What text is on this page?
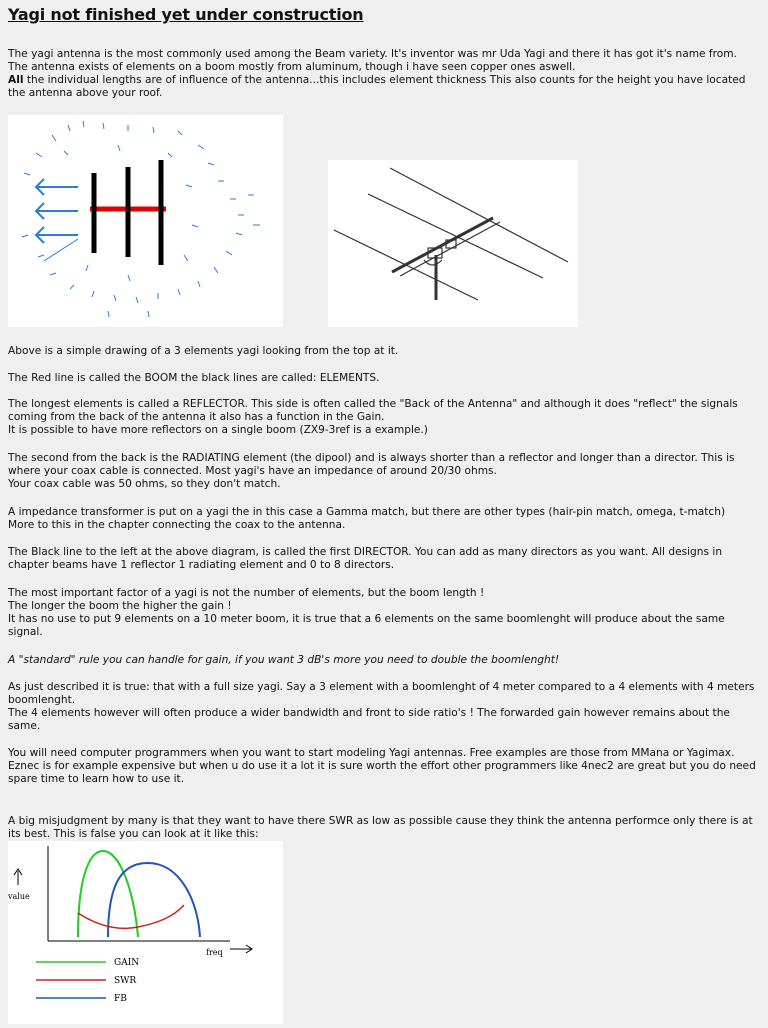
Yagi not finished yet under construction
The yagi antenna is the most commonly used among the Beam variety. It's inventor was mr Uda Yagi and there it has got it's name from.
The antenna exists of elements on a boom mostly from aluminum, though i have seen copper ones aswell.
All the individual lengths are of influence of the antenna...this includes element thickness This also counts for the height you have located the antenna above your roof.
Above is a simple drawing of a 3 elements yagi looking from the top at it.
The Red line is called the BOOM the black lines are called: ELEMENTS.
The longest elements is called a REFLECTOR. This side is often called the "Back of the Antenna" and although it does "reflect" the signals coming from the back of the antenna it also has a function in the Gain.
It is possible to have more reflectors on a single boom (ZX9-3ref is a example.)
The second from the back is the RADIATING element (the dipool) and is always shorter than a reflector and longer than a director. This is where your coax cable is connected. Most yagi's have an impedance of around 20/30 ohms.
Your coax cable was 50 ohms, so they don't match.
A impedance transformer is put on a yagi the in this case a Gamma match, but there are other types (hair-pin match, omega, t-match)
More to this in the chapter connecting the coax to the antenna.
The Black line to the left at the above diagram, is called the first DIRECTOR. You can add as many directors as you want. All designs in chapter beams have 1 reflector 1 radiating element and 0 to 8 directors.
The most important factor of a yagi is not the number of elements, but the boom length !
The longer the boom the higher the gain !
It has no use to put 9 elements on a 10 meter boom, it is true that a 6 elements on the same boomlenght will produce about the same signal.
A "standard" rule you can handle for gain, if you want 3 dB's more you need to double the boomlenght!
As just described it is true: that with a full size yagi. Say a 3 element with a boomlenght of 4 meter compared to a 4 elements with 4 meters boomlenght.
The 4 elements however will often produce a wider bandwidth and front to side ratio's ! The forwarded gain however remains about the same.
You will need computer programmers when you want to start modeling Yagi antennas. Free examples are those from MMana or Yagimax.
Eznec is for example expensive but when u do use it a lot it is sure worth the effort other programmers like 4nec2 are great but you do need spare time to learn how to use it.
A big misjudgment by many is that they want to have there SWR as low as possible cause they think the antenna performce only there is at its best. This is false you can look at it like this:
value
freq
GAIN
SWR
FB
